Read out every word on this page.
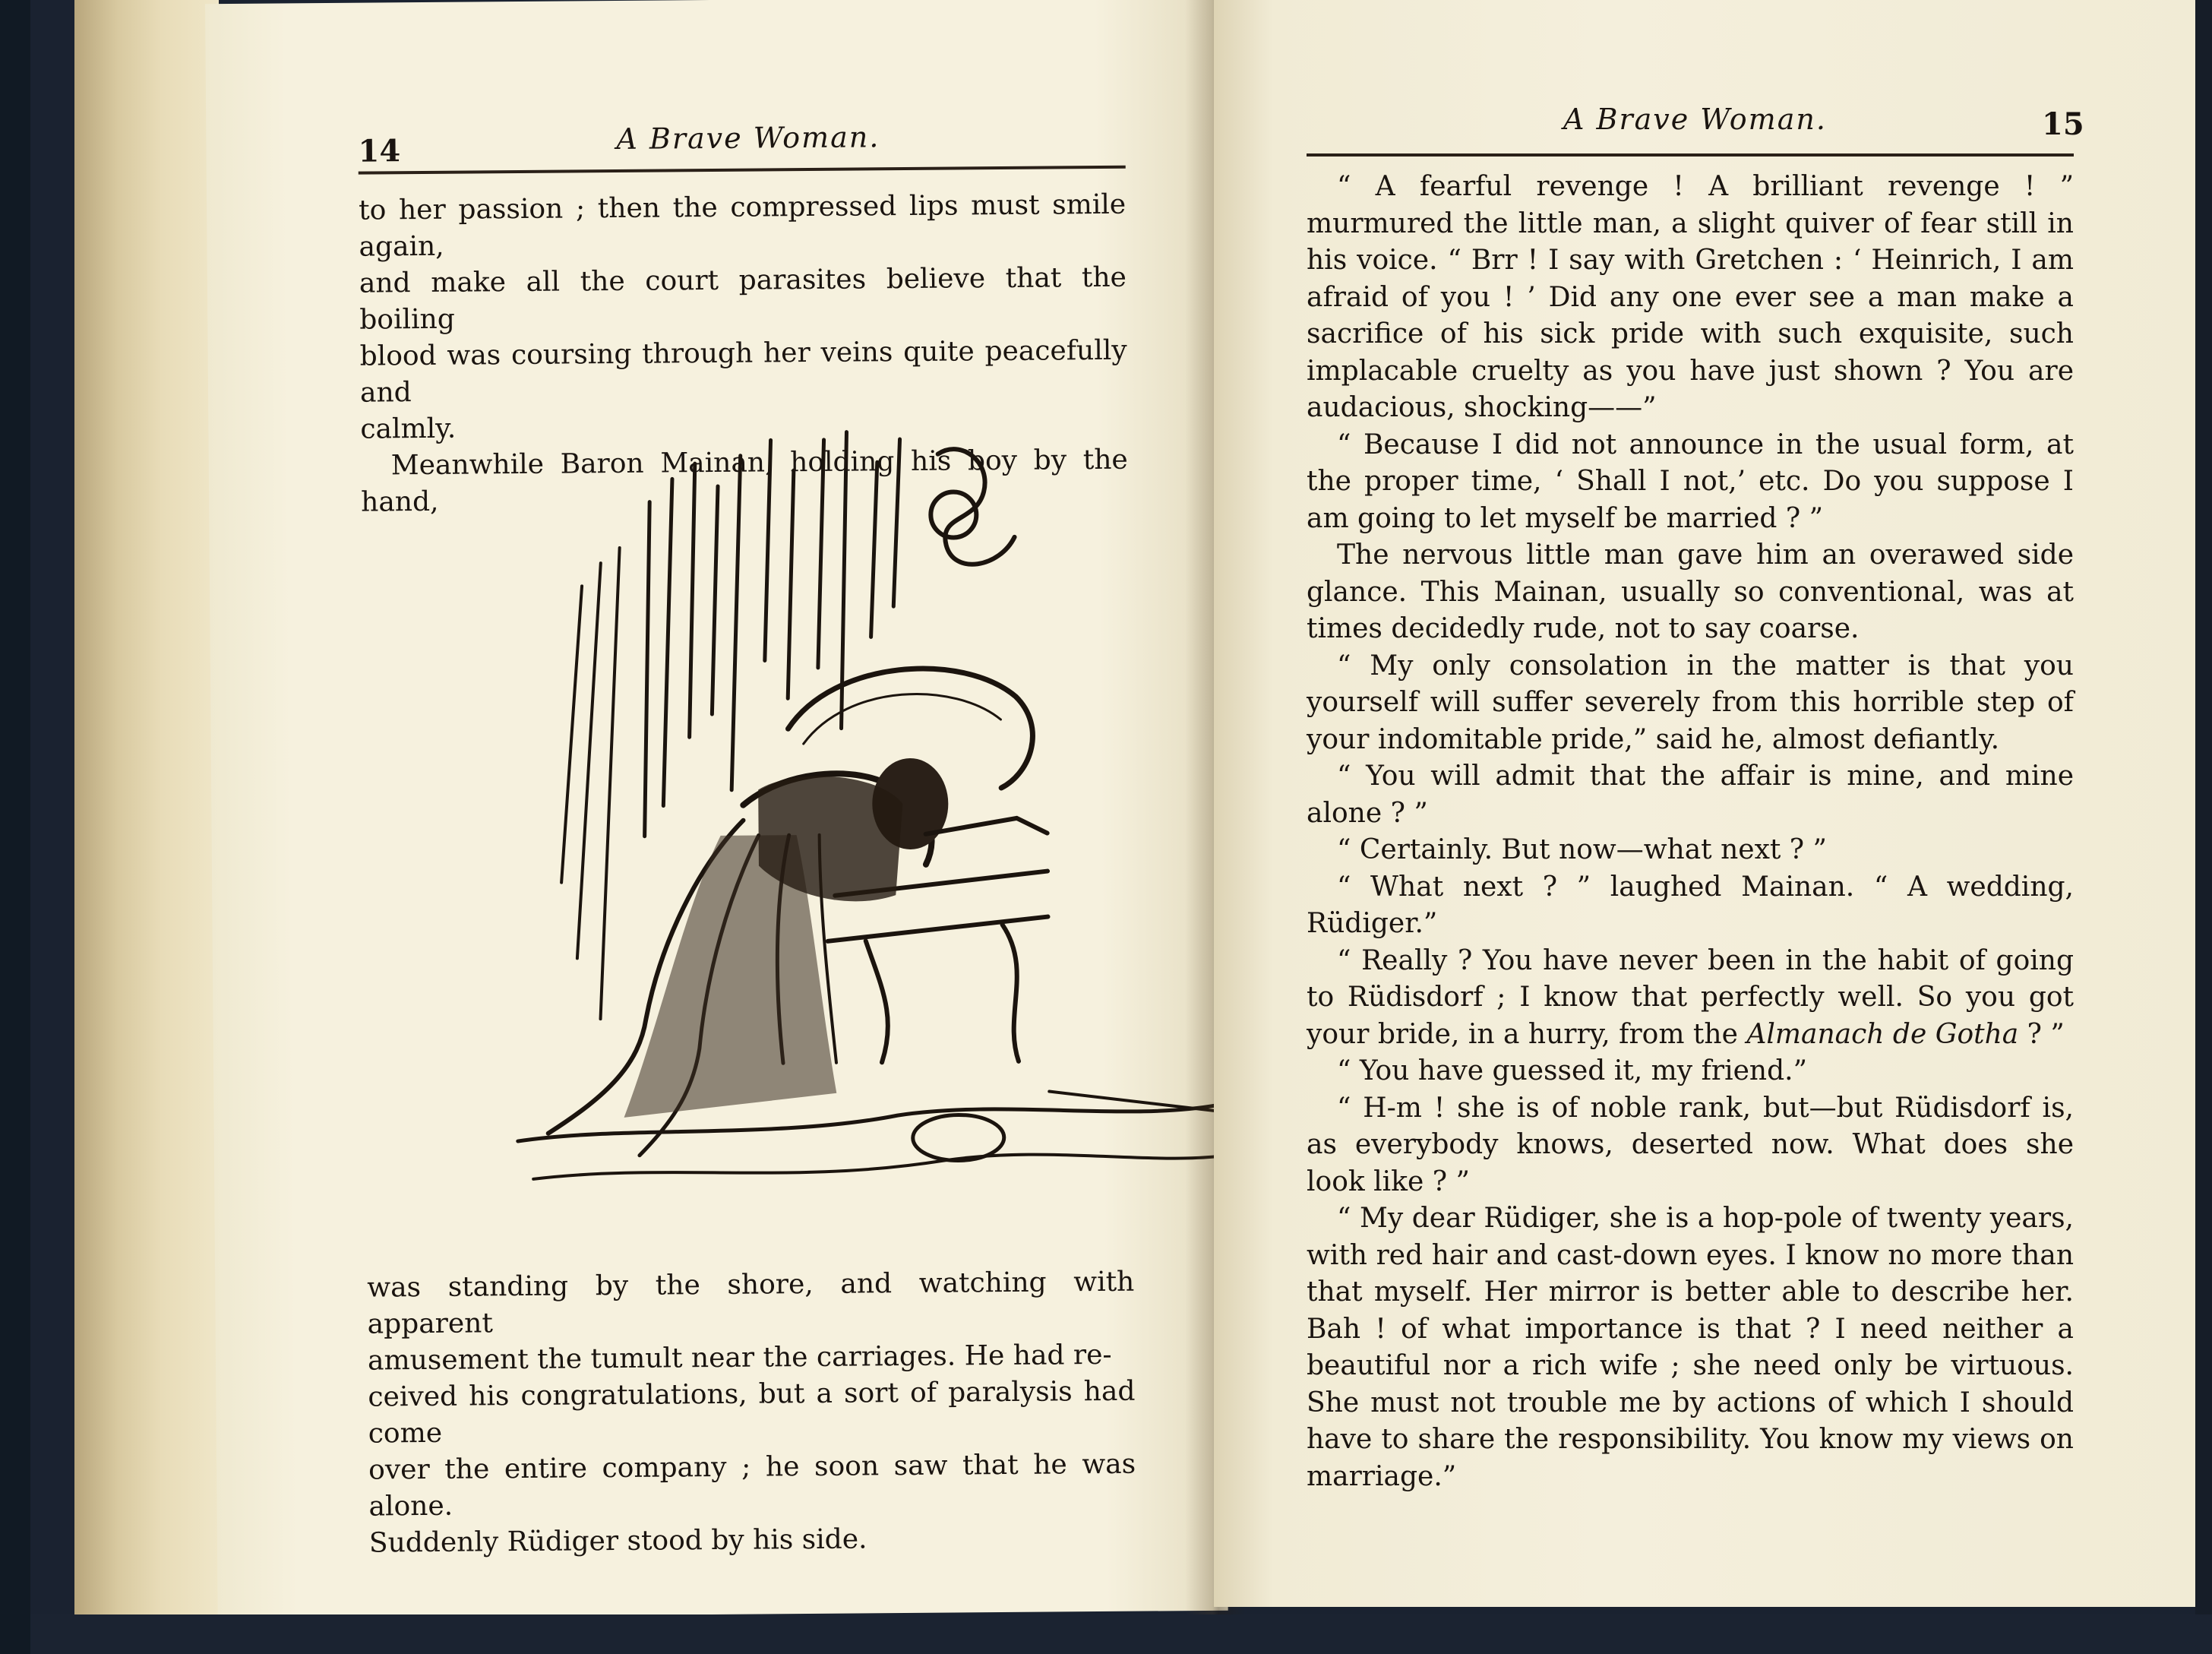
14	A Brave Woman.

to her passion ; then the compressed lips must smile again,

and make all the court parasites believe that the boiling

blood was coursing through her veins quite peacefully and

calmly.

Meanwhile Baron Mainan, holding his boy by the hand,

was standing by the shore, and watching with apparent

amusement the tumult near the carriages. He had re-

ceived his congratulations, but a sort of paralysis had come

over the entire company ; he soon saw that he was alone.

Suddenly Rüdiger stood by his side.

A Brave Woman.	15

“ A fearful revenge ! A brilliant revenge ! ” murmured the little man, a slight quiver of fear still in his voice. “ Brr ! I say with Gretchen : ‘ Heinrich, I am afraid of you ! ’ Did any one ever see a man make a sacrifice of his sick pride with such exquisite, such implacable cruelty as you have just shown ? You are audacious, shocking——”

“ Because I did not announce in the usual form, at the proper time, ‘ Shall I not,’ etc. Do you suppose I am going to let myself be married ? ”

The nervous little man gave him an overawed side glance. This Mainan, usually so conventional, was at times decidedly rude, not to say coarse.

“ My only consolation in the matter is that you yourself will suffer severely from this horrible step of your indomitable pride,” said he, almost defiantly.

“ You will admit that the affair is mine, and mine alone ? ”

“ Certainly. But now—what next ? ”

“ What next ? ” laughed Mainan. “ A wedding, Rüdiger.”

“ Really ? You have never been in the habit of going to Rüdisdorf ; I know that perfectly well. So you got your bride, in a hurry, from the Almanach de Gotha ? ”

“ You have guessed it, my friend.”

“ H-m ! she is of noble rank, but—but Rüdisdorf is, as everybody knows, deserted now. What does she look like ? ”

“ My dear Rüdiger, she is a hop-pole of twenty years, with red hair and cast-down eyes. I know no more than that myself. Her mirror is better able to describe her. Bah ! of what importance is that ? I need neither a beautiful nor a rich wife ; she need only be virtuous. She must not trouble me by actions of which I should have to share the responsibility. You know my views on marriage.”
